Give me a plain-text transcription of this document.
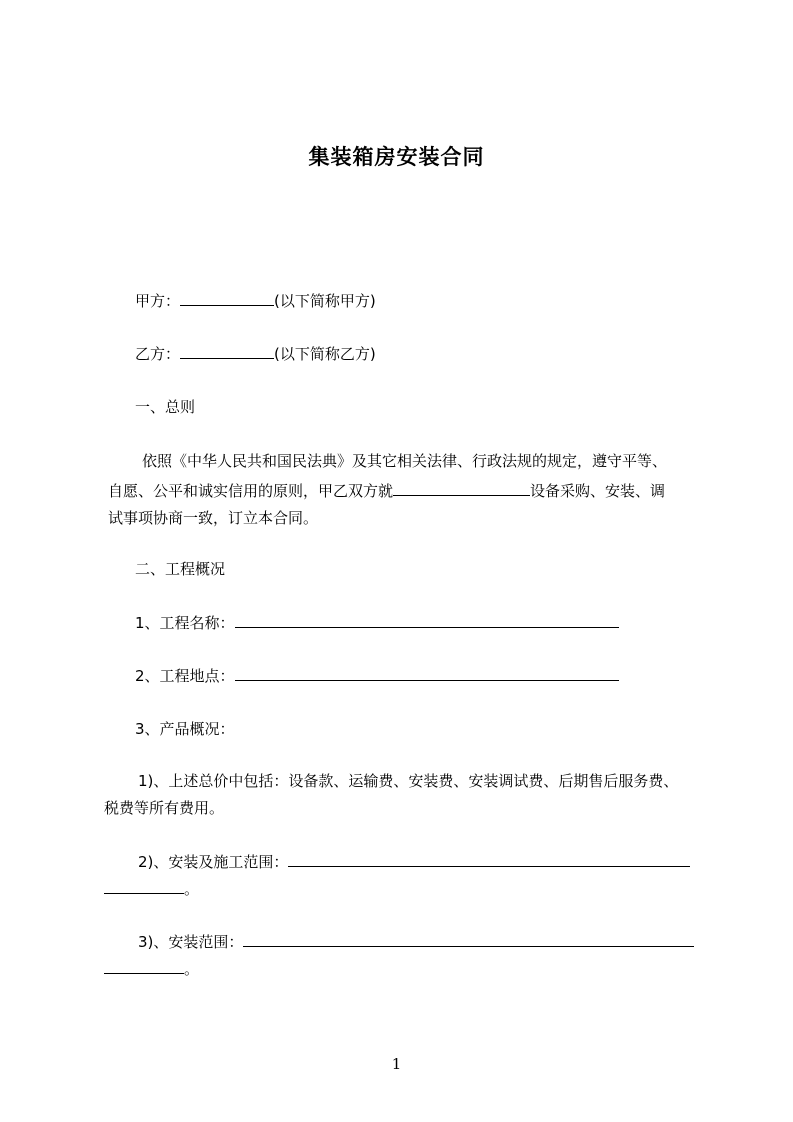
集装箱房安装合同
甲方：	(以下简称甲方)
乙方：	(以下简称乙方)
一、总则
依照《中华人民共和国民法典》及其它相关法律、行政法规的规定，遵守平等、
自愿、公平和诚实信用的原则，甲乙双方就	设备采购、安装、调
试事项协商一致，订立本合同。
二、工程概况
1、工程名称：
2、工程地点：
3、产品概况：
1)、上述总价中包括：设备款、运输费、安装费、安装调试费、后期售后服务费、
税费等所有费用。
2)、安装及施工范围：
。
3)、安装范围：
。
1
